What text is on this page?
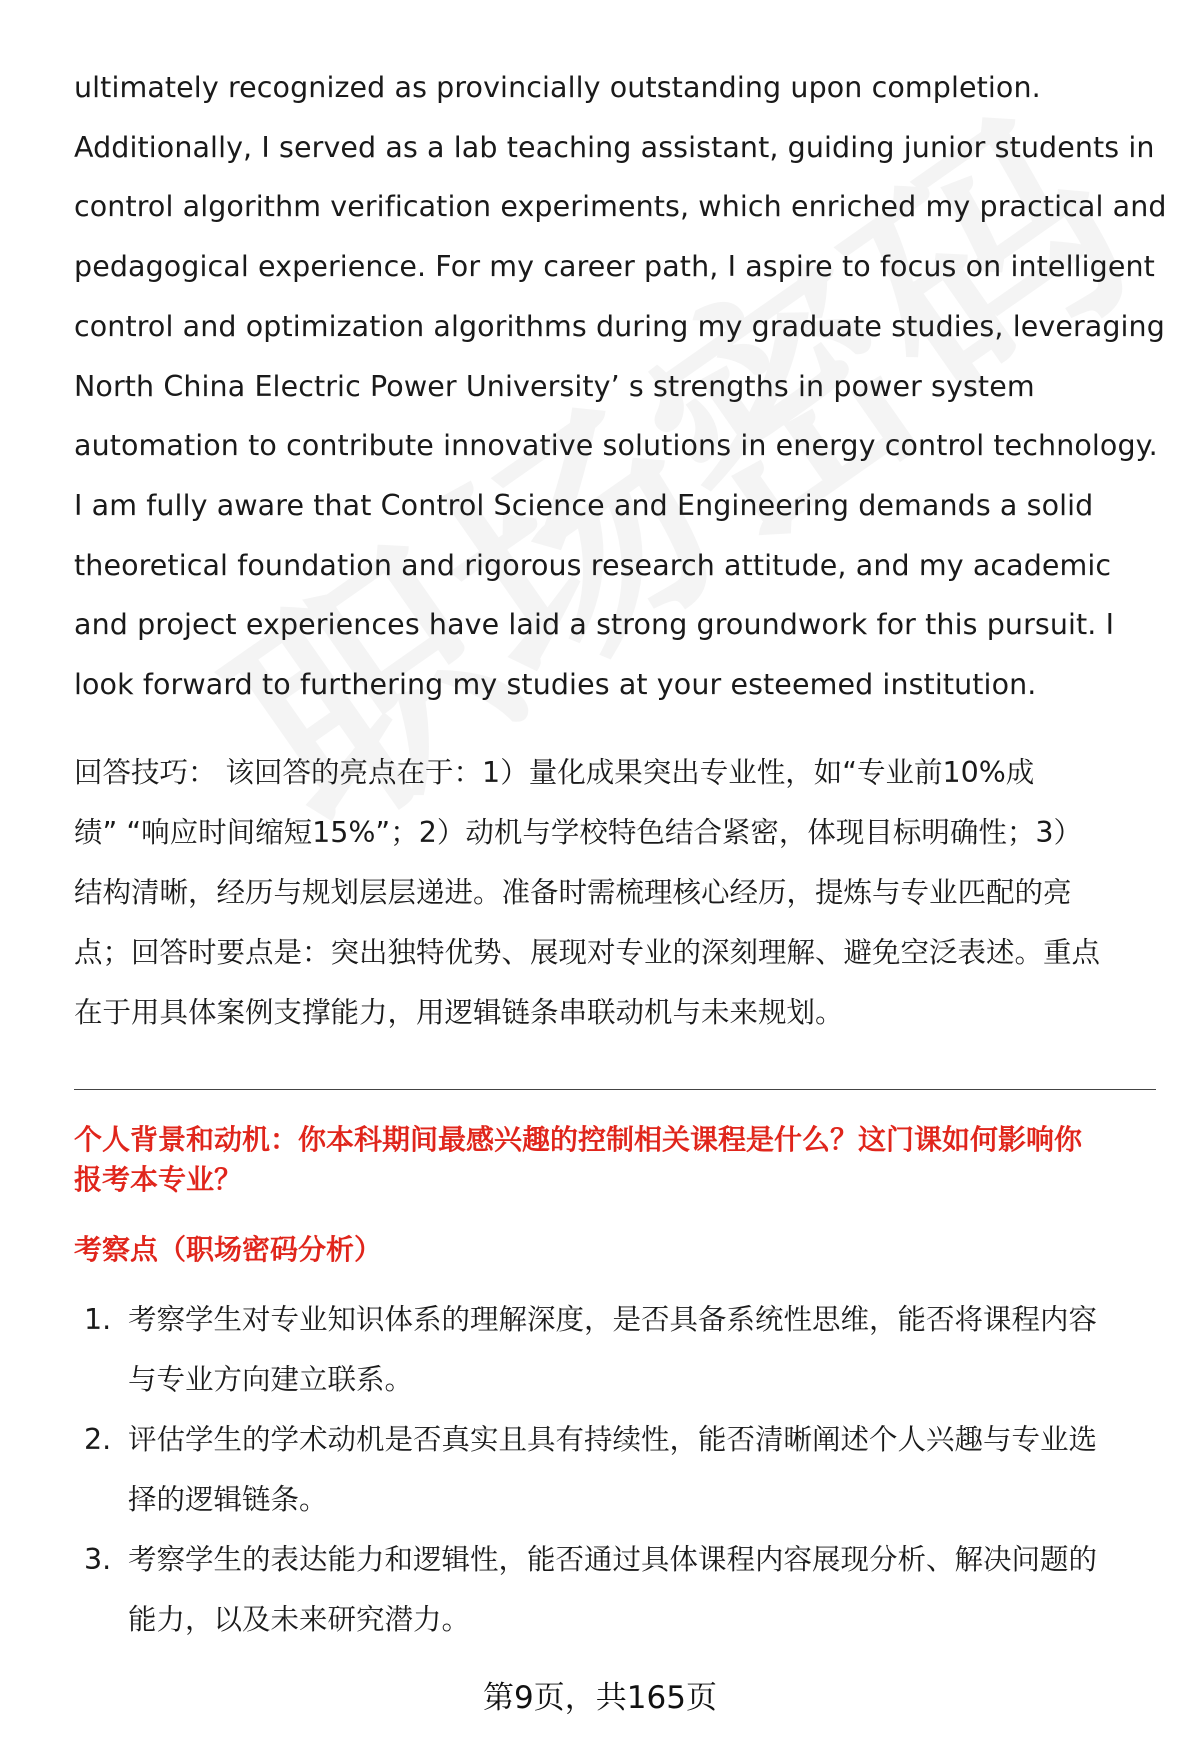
ultimately recognized as provincially outstanding upon completion.
Additionally, I served as a lab teaching assistant, guiding junior students in
control algorithm verification experiments, which enriched my practical and
pedagogical experience. For my career path, I aspire to focus on intelligent
control and optimization algorithms during my graduate studies, leveraging
North China Electric Power University’ s strengths in power system
automation to contribute innovative solutions in energy control technology.
I am fully aware that Control Science and Engineering demands a solid
theoretical foundation and rigorous research attitude, and my academic
and project experiences have laid a strong groundwork for this pursuit. I
look forward to furthering my studies at your esteemed institution.

回答技巧： 该回答的亮点在于：1）量化成果突出专业性，如“专业前10%成
绩” “响应时间缩短15%”；2）动机与学校特色结合紧密，体现目标明确性；3）
结构清晰，经历与规划层层递进。准备时需梳理核心经历，提炼与专业匹配的亮
点；回答时要点是：突出独特优势、展现对专业的深刻理解、避免空泛表述。重点
在于用具体案例支撑能力，用逻辑链条串联动机与未来规划。

个人背景和动机：你本科期间最感兴趣的控制相关课程是什么？这门课如何影响你
报考本专业？
考察点（职场密码分析）
1. 考察学生对专业知识体系的理解深度，是否具备系统性思维，能否将课程内容
与专业方向建立联系。
2. 评估学生的学术动机是否真实且具有持续性，能否清晰阐述个人兴趣与专业选
择的逻辑链条。
3. 考察学生的表达能力和逻辑性，能否通过具体课程内容展现分析、解决问题的
能力，以及未来研究潜力。
第9页，共165页
